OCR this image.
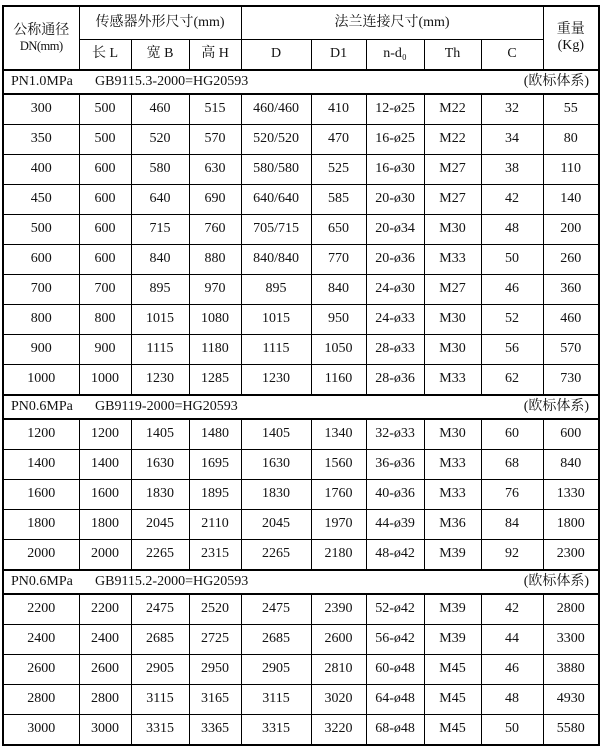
公称通径
DN(mm)
	传感器外形尺寸(mm)	法兰连接尺寸(mm)	重量
(Kg)

	长 L	宽 B	高 H	D	D1	n-d₀	Th	C	

PN1.0MPa GB9115.3-2000=HG20593 (欧标体系)									

300	500	460	515	460/460	410	12-ø25	M22	32	55
350	500	520	570	520/520	470	16-ø25	M22	34	80
400	600	580	630	580/580	525	16-ø30	M27	38	110
450	600	640	690	640/640	585	20-ø30	M27	42	140
500	600	715	760	705/715	650	20-ø34	M30	48	200
600	600	840	880	840/840	770	20-ø36	M33	50	260
700	700	895	970	895	840	24-ø30	M27	46	360
800	800	1015	1080	1015	950	24-ø33	M30	52	460
900	900	1115	1180	1115	1050	28-ø33	M30	56	570
1000	1000	1230	1285	1230	1160	28-ø36	M33	62	730

PN0.6MPa GB9119-2000=HG20593 (欧标体系)									

1200	1200	1405	1480	1405	1340	32-ø33	M30	60	600
1400	1400	1630	1695	1630	1560	36-ø36	M33	68	840
1600	1600	1830	1895	1830	1760	40-ø36	M33	76	1330
1800	1800	2045	2110	2045	1970	44-ø39	M36	84	1800
2000	2000	2265	2315	2265	2180	48-ø42	M39	92	2300

PN0.6MPa GB9115.2-2000=HG20593 (欧标体系)									

2200	2200	2475	2520	2475	2390	52-ø42	M39	42	2800
2400	2400	2685	2725	2685	2600	56-ø42	M39	44	3300
2600	2600	2905	2950	2905	2810	60-ø48	M45	46	3880
2800	2800	3115	3165	3115	3020	64-ø48	M45	48	4930
3000	3000	3315	3365	3315	3220	68-ø48	M45	50	5580
